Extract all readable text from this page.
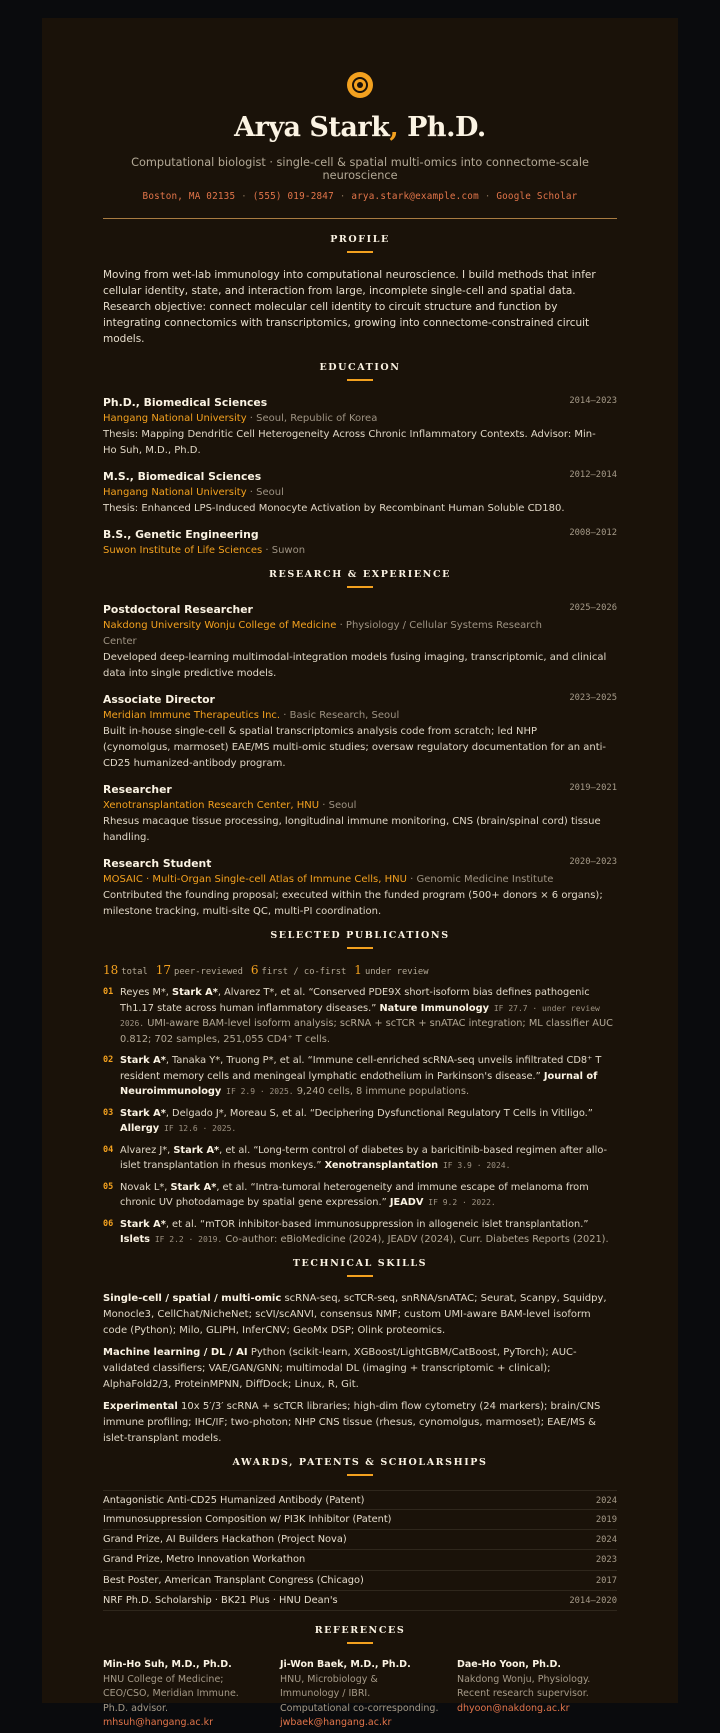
Arya Stark, Ph.D.
Computational biologist · single-cell & spatial multi-omics into connectome-scale neuroscience
Boston, MA 02135 · (555) 019-2847 · arya.stark@example.com · Google Scholar
PROFILE

Moving from wet-lab immunology into computational neuroscience. I build methods that infer cellular identity, state, and interaction from large, incomplete single-cell and spatial data. Research objective: connect molecular cell identity to circuit structure and function by integrating connectomics with transcriptomics, growing into connectome-constrained circuit models.

EDUCATION
Ph.D., Biomedical Sciences	2014–2023
Hangang National University · Seoul, Republic of Korea
Thesis: Mapping Dendritic Cell Heterogeneity Across Chronic Inflammatory Contexts. Advisor: Min-Ho Suh, M.D., Ph.D.
M.S., Biomedical Sciences	2012–2014
Hangang National University · Seoul
Thesis: Enhanced LPS-Induced Monocyte Activation by Recombinant Human Soluble CD180.
B.S., Genetic Engineering	2008–2012
Suwon Institute of Life Sciences · Suwon
RESEARCH & EXPERIENCE
Postdoctoral Researcher	2025–2026
Nakdong University Wonju College of Medicine · Physiology / Cellular Systems Research Center
Developed deep-learning multimodal-integration models fusing imaging, transcriptomic, and clinical data into single predictive models.
Associate Director	2023–2025
Meridian Immune Therapeutics Inc. · Basic Research, Seoul
Built in-house single-cell & spatial transcriptomics analysis code from scratch; led NHP (cynomolgus, marmoset) EAE/MS multi-omic studies; oversaw regulatory documentation for an anti-CD25 humanized-antibody program.
Researcher	2019–2021
Xenotransplantation Research Center, HNU · Seoul
Rhesus macaque tissue processing, longitudinal immune monitoring, CNS (brain/spinal cord) tissue handling.
Research Student	2020–2023
MOSAIC · Multi-Organ Single-cell Atlas of Immune Cells, HNU · Genomic Medicine Institute
Contributed the founding proposal; executed within the funded program (500+ donors × 6 organs); milestone tracking, multi-site QC, multi-PI coordination.
SELECTED PUBLICATIONS
18 total 17 peer-reviewed 6 first / co-first 1 under review
01 Reyes M*, Stark A*, Alvarez T*, et al. “Conserved PDE9X short-isoform bias defines pathogenic Th1.17 state across human inflammatory diseases.” Nature Immunology IF 27.7 · under review 2026. UMI-aware BAM-level isoform analysis; scRNA + scTCR + snATAC integration; ML classifier AUC 0.812; 702 samples, 251,055 CD4⁺ T cells.
02 Stark A*, Tanaka Y*, Truong P*, et al. “Immune cell-enriched scRNA-seq unveils infiltrated CD8⁺ T resident memory cells and meningeal lymphatic endothelium in Parkinson's disease.” Journal of Neuroimmunology IF 2.9 · 2025. 9,240 cells, 8 immune populations.
03 Stark A*, Delgado J*, Moreau S, et al. “Deciphering Dysfunctional Regulatory T Cells in Vitiligo.” Allergy IF 12.6 · 2025.
04 Alvarez J*, Stark A*, et al. “Long-term control of diabetes by a baricitinib-based regimen after allo-islet transplantation in rhesus monkeys.” Xenotransplantation IF 3.9 · 2024.
05 Novak L*, Stark A*, et al. “Intra-tumoral heterogeneity and immune escape of melanoma from chronic UV photodamage by spatial gene expression.” JEADV IF 9.2 · 2022.
06 Stark A*, et al. “mTOR inhibitor-based immunosuppression in allogeneic islet transplantation.” Islets IF 2.2 · 2019. Co-author: eBioMedicine (2024), JEADV (2024), Curr. Diabetes Reports (2021).
TECHNICAL SKILLS
Single-cell / spatial / multi-omic scRNA-seq, scTCR-seq, snRNA/snATAC; Seurat, Scanpy, Squidpy, Monocle3, CellChat/NicheNet; scVI/scANVI, consensus NMF; custom UMI-aware BAM-level isoform code (Python); Milo, GLIPH, InferCNV; GeoMx DSP; Olink proteomics.
Machine learning / DL / AI Python (scikit-learn, XGBoost/LightGBM/CatBoost, PyTorch); AUC-validated classifiers; VAE/GAN/GNN; multimodal DL (imaging + transcriptomic + clinical); AlphaFold2/3, ProteinMPNN, DiffDock; Linux, R, Git.
Experimental 10x 5′/3′ scRNA + scTCR libraries; high-dim flow cytometry (24 markers); brain/CNS immune profiling; IHC/IF; two-photon; NHP CNS tissue (rhesus, cynomolgus, marmoset); EAE/MS & islet-transplant models.
AWARDS, PATENTS & SCHOLARSHIPS
Antagonistic Anti-CD25 Humanized Antibody (Patent)	2024
Immunosuppression Composition w/ PI3K Inhibitor (Patent)	2019
Grand Prize, AI Builders Hackathon (Project Nova)	2024
Grand Prize, Metro Innovation Workathon	2023
Best Poster, American Transplant Congress (Chicago)	2017
NRF Ph.D. Scholarship · BK21 Plus · HNU Dean's	2014–2020
REFERENCES
Min-Ho Suh, M.D., Ph.D.
HNU College of Medicine; CEO/CSO, Meridian Immune. Ph.D. advisor.
mhsuh@hangang.ac.kr
Ji-Won Baek, M.D., Ph.D.
HNU, Microbiology & Immunology / IBRI. Computational co-corresponding.
jwbaek@hangang.ac.kr
Dae-Ho Yoon, Ph.D.
Nakdong Wonju, Physiology. Recent research supervisor.
dhyoon@nakdong.ac.kr
